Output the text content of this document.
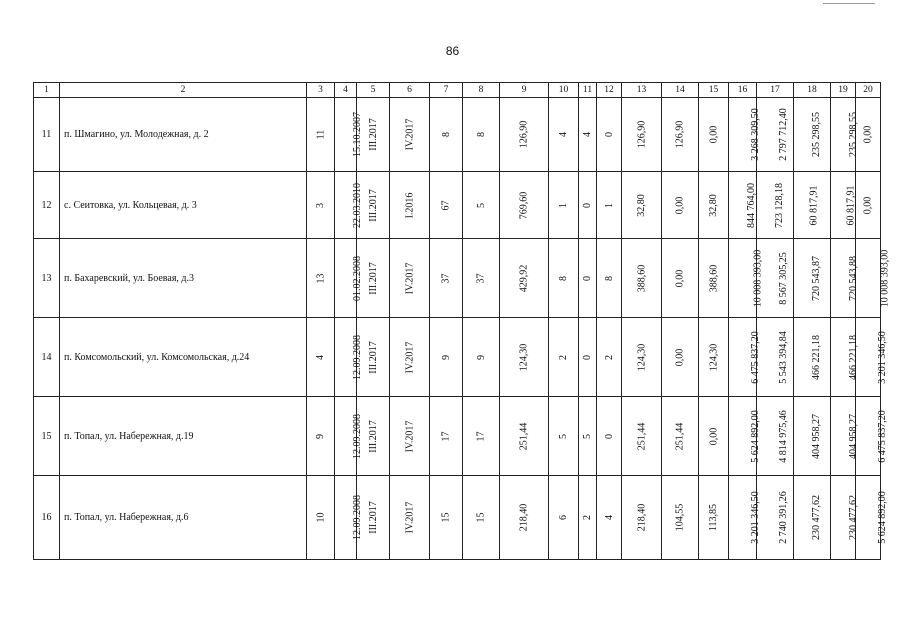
86
1	2	3	4	5	6	7	8	9	10	11	12	13	14	15	16	17	18	19	20
11	п. Шмагино, ул. Молодежная, д. 2	11	15.10.2007	III.2017	IV.2017	8	8	126,90	4	4	0	126,90	126,90	0,00	3 268 309,50	2 797 712,40	235 298,55	235 298,55	0,00
12	с. Сеитовка, ул. Кольцевая, д. 3	3	22.03.2010	III.2017	I.2016	67	5	769,60	1	0	1	32,80	0,00	32,80	844 764,00	723 128,18	60 817,91	60 817,91	0,00
13	п. Бахаревский, ул. Боевая, д.3	13	01.02.2008	III.2017	IV.2017	37	37	429,92	8	0	8	388,60	0,00	388,60	10 008 393,00	8 567 305,25	720 543,87	720 543,88	10 008 393,00
14	п. Комсомольский, ул. Комсомольская, д.24	4	12.09.2008	III.2017	IV.2017	9	9	124,30	2	0	2	124,30	0,00	124,30	6 475 837,20	5 543 394,84	466 221,18	466 221,18	3 201 346,50
15	п. Топал, ул. Набережная, д.19	9	12.09.2008	III.2017	IV.2017	17	17	251,44	5	5	0	251,44	251,44	0,00	5 624 892,00	4 814 975,46	404 958,27	404 958,27	6 475 837,20
16	п. Топал, ул. Набережная, д.6	10	12.09.2008	III.2017	IV.2017	15	15	218,40	6	2	4	218,40	104,55	113,85	3 201 346,50	2 740 391,26	230 477,62	230 477,62	5 624 892,00
